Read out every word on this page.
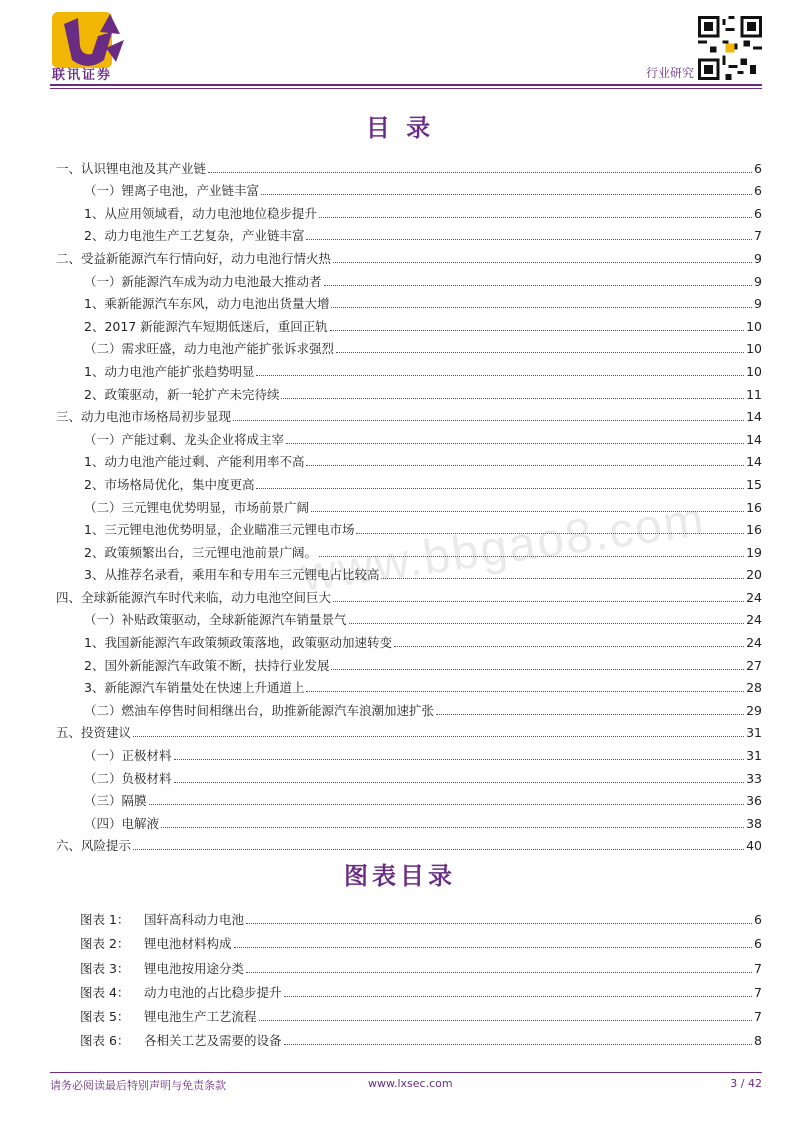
联讯证券	行业研究
www.bbgao8.com
目 录
一、认识锂电池及其产业链	6
（一）锂离子电池，产业链丰富	6
1、从应用领域看，动力电池地位稳步提升	6
2、动力电池生产工艺复杂，产业链丰富	7
二、受益新能源汽车行情向好，动力电池行情火热	9
（一）新能源汽车成为动力电池最大推动者	9
1、乘新能源汽车东风，动力电池出货量大增	9
2、2017 新能源汽车短期低迷后，重回正轨	10
（二）需求旺盛，动力电池产能扩张诉求强烈	10
1、动力电池产能扩张趋势明显	10
2、政策驱动，新一轮扩产未完待续	11
三、动力电池市场格局初步显现	14
（一）产能过剩、龙头企业将成主宰	14
1、动力电池产能过剩、产能利用率不高	14
2、市场格局优化，集中度更高	15
（二）三元锂电优势明显，市场前景广阔	16
1、三元锂电池优势明显，企业瞄准三元锂电市场	16
2、政策频繁出台，三元锂电池前景广阔。	19
3、从推荐名录看，乘用车和专用车三元锂电占比较高	20
四、全球新能源汽车时代来临，动力电池空间巨大	24
（一）补贴政策驱动，全球新能源汽车销量景气	24
1、我国新能源汽车政策频政策落地，政策驱动加速转变	24
2、国外新能源汽车政策不断，扶持行业发展	27
3、新能源汽车销量处在快速上升通道上	28
（二）燃油车停售时间相继出台，助推新能源汽车浪潮加速扩张	29
五、投资建议	31
（一）正极材料	31
（二）负极材料	33
（三）隔膜	36
（四）电解液	38
六、风险提示	40
图表目录
图表 1：	国轩高科动力电池	6
图表 2：	锂电池材料构成	6
图表 3：	锂电池按用途分类	7
图表 4：	动力电池的占比稳步提升	7
图表 5：	锂电池生产工艺流程	7
图表 6：	各相关工艺及需要的设备	8
请务必阅读最后特别声明与免责条款	www.lxsec.com	3 / 42
